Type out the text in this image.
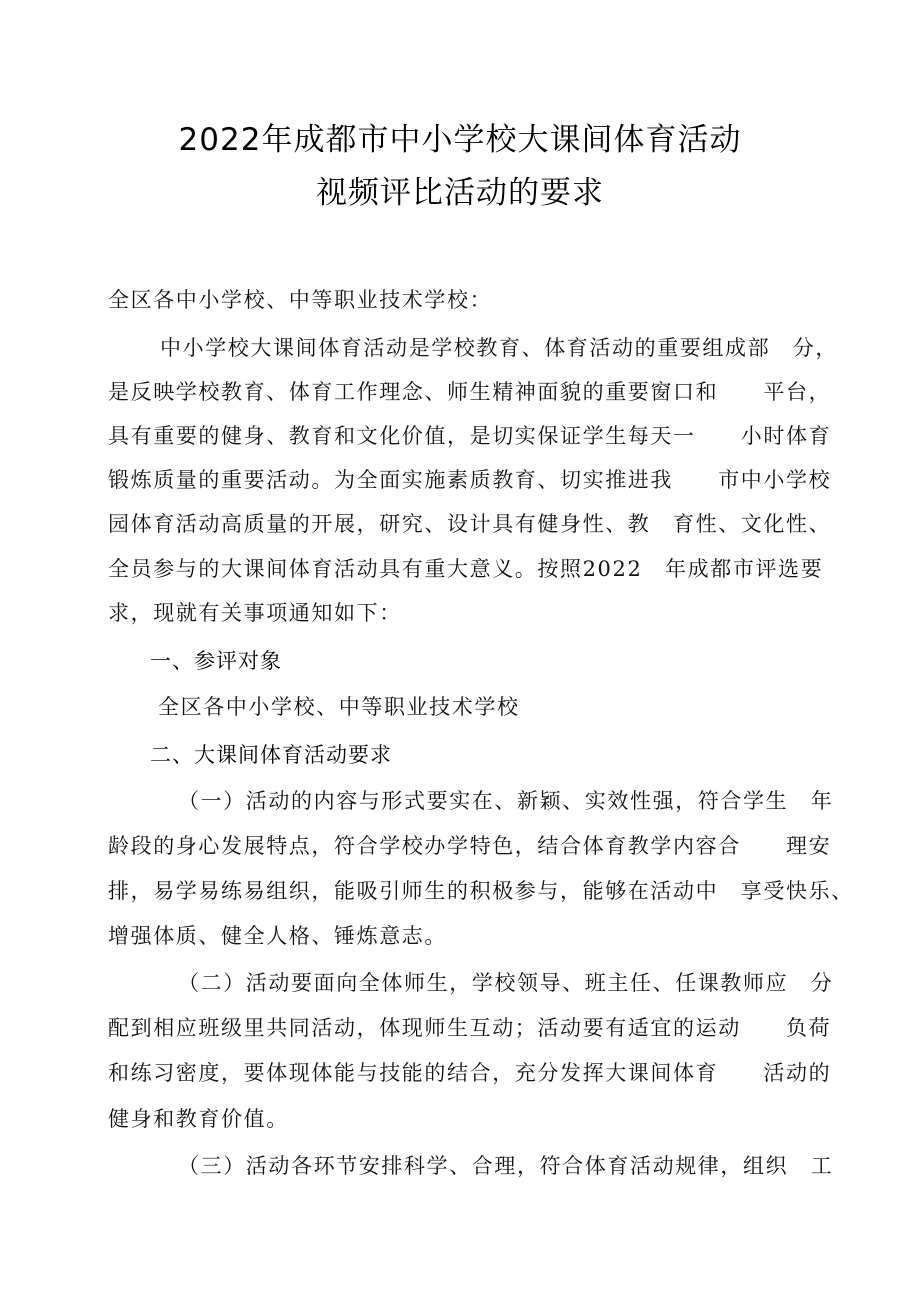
2022年成都市中小学校大课间体育活动
视频评比活动的要求
全区各中小学校、中等职业技术学校：
中小学校大课间体育活动是学校教育、体育活动的重要组成部　分，
是反映学校教育、体育工作理念、师生精神面貌的重要窗口和　　平台，
具有重要的健身、教育和文化价值，是切实保证学生每天一　　小时体育
锻炼质量的重要活动。为全面实施素质教育、切实推进我　　市中小学校
园体育活动高质量的开展，研究、设计具有健身性、教　育性、文化性、
全员参与的大课间体育活动具有重大意义。按照2022　年成都市评选要
求，现就有关事项通知如下：
一、参评对象
全区各中小学校、中等职业技术学校
二、大课间体育活动要求
（一）活动的内容与形式要实在、新颖、实效性强，符合学生　年
龄段的身心发展特点，符合学校办学特色，结合体育教学内容合　　理安
排，易学易练易组织，能吸引师生的积极参与，能够在活动中　享受快乐、
增强体质、健全人格、锤炼意志。
（二）活动要面向全体师生，学校领导、班主任、任课教师应　分
配到相应班级里共同活动，体现师生互动；活动要有适宜的运动　　负荷
和练习密度，要体现体能与技能的结合，充分发挥大课间体育　　活动的
健身和教育价值。
（三）活动各环节安排科学、合理，符合体育活动规律，组织　工
